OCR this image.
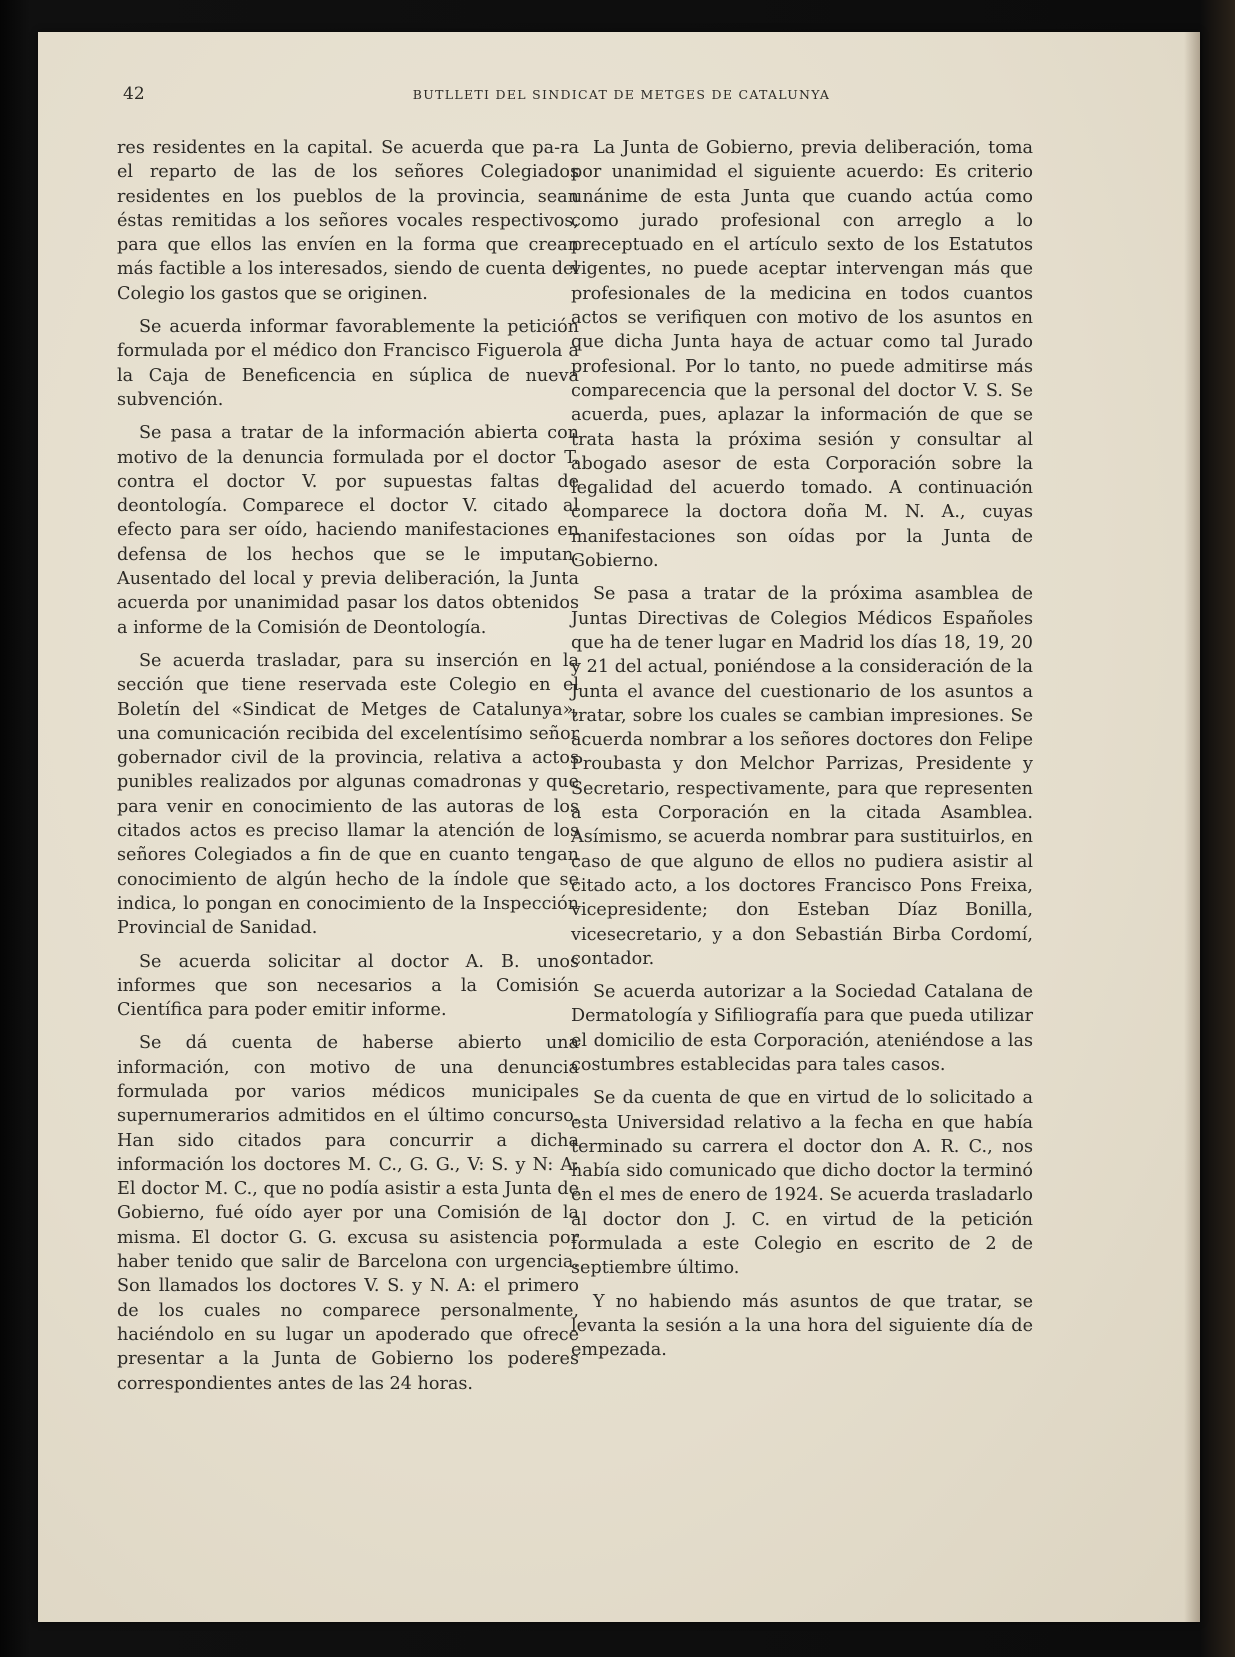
42	BUTLLETI DEL SINDICAT DE METGES DE CATALUNYA

res residentes en la capital. Se acuerda que pa-ra el reparto de las de los señores Colegiados residentes en los pueblos de la provincia, sean éstas remitidas a los señores vocales respectivos, para que ellos las envíen en la forma que crean más factible a los interesados, siendo de cuenta del Colegio los gastos que se originen.

Se acuerda informar favorablemente la petición formulada por el médico don Francisco Figuerola a la Caja de Beneficencia en súplica de nueva subvención.

Se pasa a tratar de la información abierta con motivo de la denuncia formulada por el doctor T. contra el doctor V. por supuestas faltas de deontología. Comparece el doctor V. citado al efecto para ser oído, haciendo manifestaciones en defensa de los hechos que se le imputan. Ausentado del local y previa deliberación, la Junta acuerda por unanimidad pasar los datos obtenidos a informe de la Comisión de Deontología.

Se acuerda trasladar, para su inserción en la sección que tiene reservada este Colegio en el Boletín del «Sindicat de Metges de Catalunya», una comunicación recibida del excelentísimo señor gobernador civil de la provincia, relativa a actos punibles realizados por algunas comadronas y que para venir en conocimiento de las autoras de los citados actos es preciso llamar la atención de los señores Colegiados a fin de que en cuanto tengan conocimiento de algún hecho de la índole que se indica, lo pongan en conocimiento de la Inspección Provincial de Sanidad.

Se acuerda solicitar al doctor A. B. unos informes que son necesarios a la Comisión Científica para poder emitir informe.

Se dá cuenta de haberse abierto una información, con motivo de una denuncia formulada por varios médicos municipales supernumerarios admitidos en el último concurso. Han sido citados para concurrir a dicha información los doctores M. C., G. G., V: S. y N: A: El doctor M. C., que no podía asistir a esta Junta de Gobierno, fué oído ayer por una Comisión de la misma. El doctor G. G. excusa su asistencia por haber tenido que salir de Barcelona con urgencia. Son llamados los doctores V. S. y N. A: el primero de los cuales no comparece personalmente, haciéndolo en su lugar un apoderado que ofrece presentar a la Junta de Gobierno los poderes correspondientes antes de las 24 horas.

La Junta de Gobierno, previa deliberación, toma por unanimidad el siguiente acuerdo: Es criterio unánime de esta Junta que cuando actúa como como jurado profesional con arreglo a lo preceptuado en el artículo sexto de los Estatutos vigentes, no puede aceptar intervengan más que profesionales de la medicina en todos cuantos actos se verifiquen con motivo de los asuntos en que dicha Junta haya de actuar como tal Jurado profesional. Por lo tanto, no puede admitirse más comparecencia que la personal del doctor V. S. Se acuerda, pues, aplazar la información de que se trata hasta la próxima sesión y consultar al abogado asesor de esta Corporación sobre la legalidad del acuerdo tomado. A continuación comparece la doctora doña M. N. A., cuyas manifestaciones son oídas por la Junta de Gobierno.

Se pasa a tratar de la próxima asamblea de Juntas Directivas de Colegios Médicos Españoles que ha de tener lugar en Madrid los días 18, 19, 20 y 21 del actual, poniéndose a la consideración de la Junta el avance del cuestionario de los asuntos a tratar, sobre los cuales se cambian impresiones. Se acuerda nombrar a los señores doctores don Felipe Proubasta y don Melchor Parrizas, Presidente y Secretario, respectivamente, para que representen a esta Corporación en la citada Asamblea. Asímismo, se acuerda nombrar para sustituirlos, en caso de que alguno de ellos no pudiera asistir al citado acto, a los doctores Francisco Pons Freixa, vicepresidente; don Esteban Díaz Bonilla, vicesecretario, y a don Sebastián Birba Cordomí, contador.

Se acuerda autorizar a la Sociedad Catalana de Dermatología y Sifiliografía para que pueda utilizar el domicilio de esta Corporación, ateniéndose a las costumbres establecidas para tales casos.

Se da cuenta de que en virtud de lo solicitado a esta Universidad relativo a la fecha en que había terminado su carrera el doctor don A. R. C., nos había sido comunicado que dicho doctor la terminó en el mes de enero de 1924. Se acuerda trasladarlo al doctor don J. C. en virtud de la petición formulada a este Colegio en escrito de 2 de septiembre último.

Y no habiendo más asuntos de que tratar, se levanta la sesión a la una hora del siguiente día de empezada.
